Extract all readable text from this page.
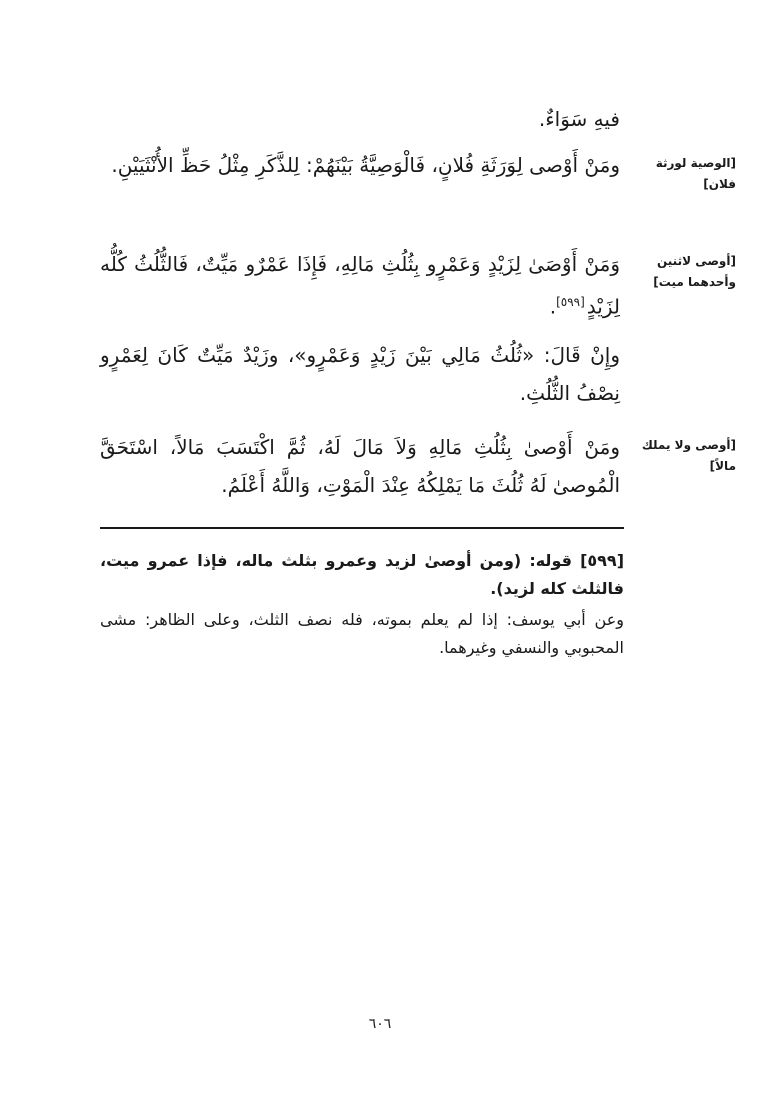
فيهِ سَوَاءٌ.
ومَنْ أَوْصى لِوَرَثَةِ فُلانٍ، فَالْوَصِيَّةُ بَيْنَهُمْ: لِلذَّكَرِ مِثْلُ حَظِّ الأُنْثَيَيْنِ.
وَمَنْ أَوْصَىٰ لِزَيْدٍ وَعَمْرٍو بِثُلُثِ مَالِهِ، فَإِذَا عَمْرٌو مَيِّتٌ، فَالثُّلُثُ كُلُّه لِزَيْدٍ[٥٩٩].
وإِنْ قَالَ: «ثُلُثُ مَالِي بَيْنَ زَيْدٍ وَعَمْرٍو»، وزَيْدٌ مَيِّتٌ كَانَ لِعَمْرٍو نِصْفُ الثُّلُثِ.
ومَنْ أَوْصىٰ بِثُلُثِ مَالِهِ وَلاَ مَالَ لَهُ، ثُمَّ اكْتَسَبَ مَالاً، اسْتَحَقَّ الْمُوصىٰ لَهُ ثُلُثَ مَا يَمْلِكُهُ عِنْدَ الْمَوْتِ، وَاللَّهُ أَعْلَمُ.
[الوصية لورثة فلان]
[أوصى لاثنين وأحدهما ميت]
[أوصى ولا يملك مالاً]
[٥٩٩] قوله: (ومن أوصىٰ لزيد وعمرو بثلث ماله، فإذا عمرو ميت، فالثلث كله لزيد).
وعن أبي يوسف: إذا لم يعلم بموته، فله نصف الثلث، وعلى الظاهر: مشى المحبوبي والنسفي وغيرهما.
٦٠٦
